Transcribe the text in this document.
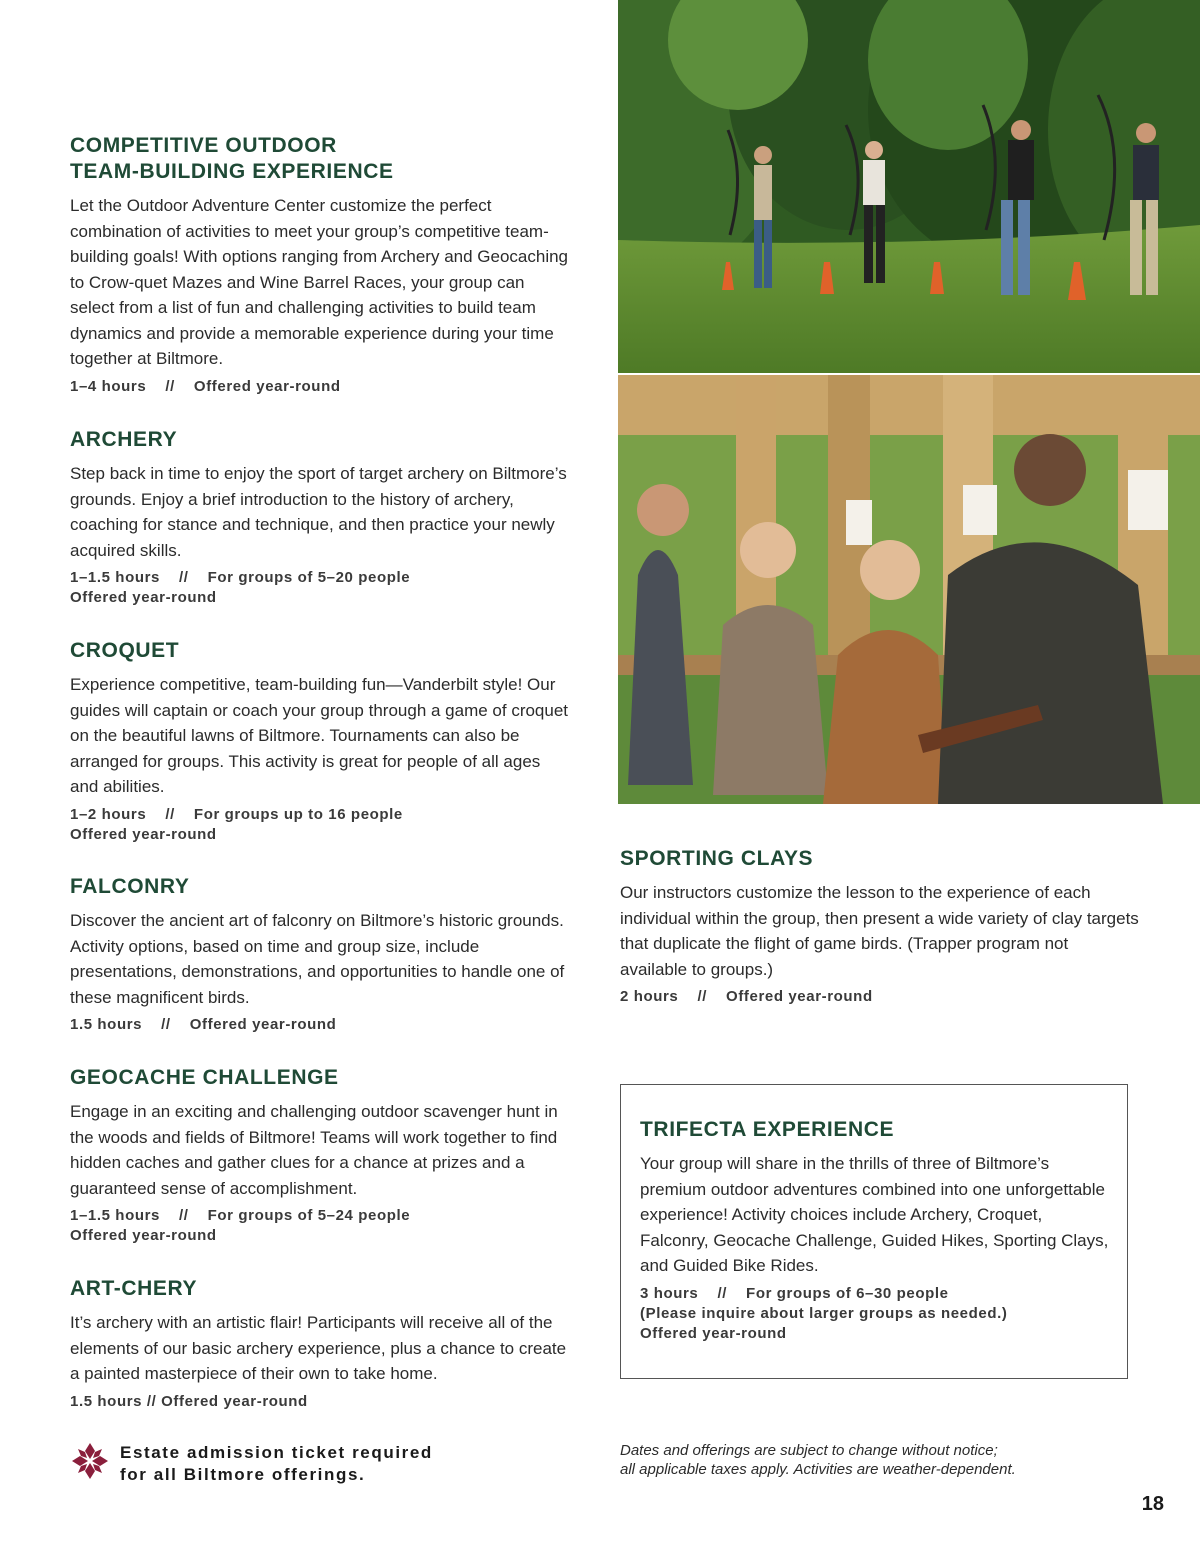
COMPETITIVE OUTDOOR
TEAM-BUILDING EXPERIENCE

Let the Outdoor Adventure Center customize the perfect combination of activities to meet your group’s competitive team-building goals! With options ranging from Archery and Geocaching to Crow-quet Mazes and Wine Barrel Races, your group can select from a list of fun and challenging activities to build team dynamics and provide a memorable experience during your time together at Biltmore.

1–4 hours    //    Offered year-round
ARCHERY

Step back in time to enjoy the sport of target archery on Biltmore’s grounds. Enjoy a brief introduction to the history of archery, coaching for stance and technique, and then practice your newly acquired skills.

1–1.5 hours    //    For groups of 5–20 people
Offered year-round
CROQUET

Experience competitive, team-building fun—Vanderbilt style! Our guides will captain or coach your group through a game of croquet on the beautiful lawns of Biltmore. Tournaments can also be arranged for groups. This activity is great for people of all ages and abilities.

1–2 hours    //    For groups up to 16 people
Offered year-round
FALCONRY

Discover the ancient art of falconry on Biltmore’s historic grounds. Activity options, based on time and group size, include presentations, demonstrations, and opportunities to handle one of these magnificent birds.

1.5 hours    //    Offered year-round
GEOCACHE CHALLENGE

Engage in an exciting and challenging outdoor scavenger hunt in the woods and fields of Biltmore! Teams will work together to find hidden caches and gather clues for a chance at prizes and a guaranteed sense of accomplishment.

1–1.5 hours    //    For groups of 5–24 people
Offered year-round
ART-CHERY

It’s archery with an artistic flair! Participants will receive all of the elements of our basic archery experience, plus a chance to create a painted masterpiece of their own to take home.

1.5 hours // Offered year-round
Estate admission ticket required
for all Biltmore offerings.
SPORTING CLAYS

Our instructors customize the lesson to the experience of each individual within the group, then present a wide variety of clay targets that duplicate the flight of game birds. (Trapper program not available to groups.)

2 hours    //    Offered year-round
TRIFECTA EXPERIENCE

Your group will share in the thrills of three of Biltmore’s premium outdoor adventures combined into one unforgettable experience! Activity choices include Archery, Croquet, Falconry, Geocache Challenge, Guided Hikes, Sporting Clays, and Guided Bike Rides.

3 hours    //    For groups of 6–30 people
(Please inquire about larger groups as needed.)
Offered year-round
Dates and offerings are subject to change without notice;
all applicable taxes apply. Activities are weather-dependent.
18
